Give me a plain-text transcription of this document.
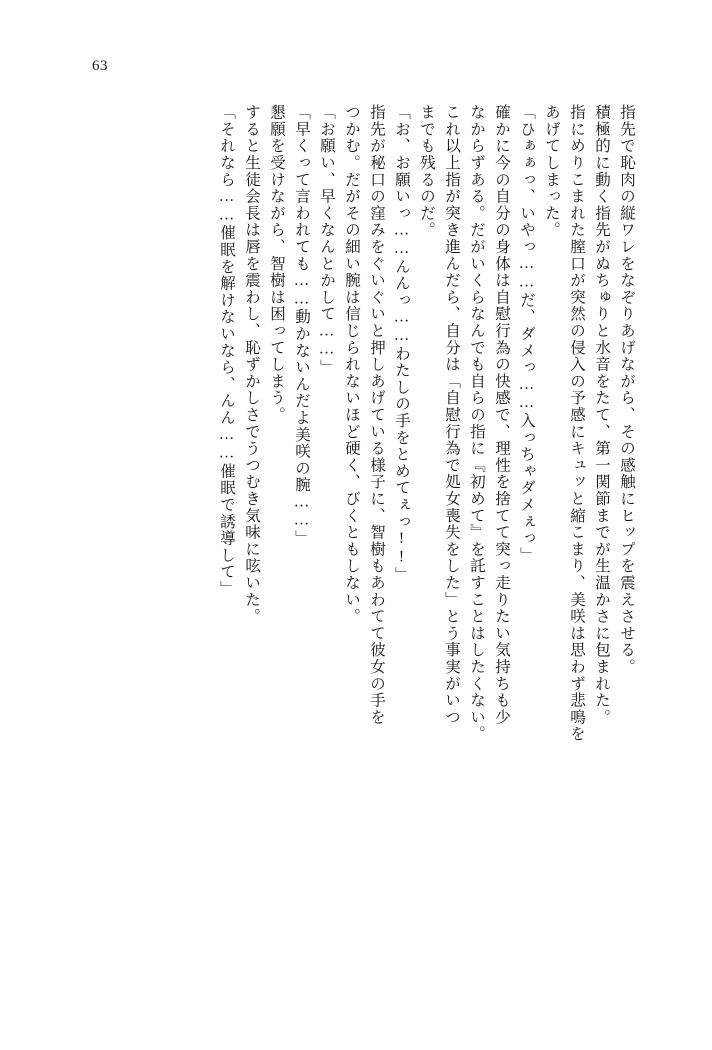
63
指先で恥肉の縦ワレをなぞりあげながら、その感触にヒップを震えさせる。
積極的に動く指先がぬちゅりと水音をたて、第一関節までが生温かさに包まれた。
指にめりこまれた膣口が突然の侵入の予感にキュッと縮こまり、美咲は思わず悲鳴を
あげてしまった。
「ひぁぁっ、いやっ……だ、ダメっ……入っちゃダメぇっ」
確かに今の自分の身体は自慰行為の快感で、理性を捨てて突っ走りたい気持ちも少
なからずある。だがいくらなんでも自らの指に『初めて』を託すことはしたくない。
これ以上指が突き進んだら、自分は「自慰行為で処女喪失をした」とう事実がいつ
までも残るのだ。
「お、お願いっ……んんっ……わたしの手をとめてぇっ!!」
指先が秘口の窪みをぐいぐいと押しあげている様子に、智樹もあわてて彼女の手を
つかむ。だがその細い腕は信じられないほど硬く、びくともしない。
「お願い、早くなんとかして……」
「早くって言われても……動かないんだよ美咲の腕……」
懇願を受けながら、智樹は困ってしまう。
すると生徒会長は唇を震わし、恥ずかしさでうつむき気味に呟いた。
「それなら……催眠を解けないなら、んん……催眠で誘導して」
